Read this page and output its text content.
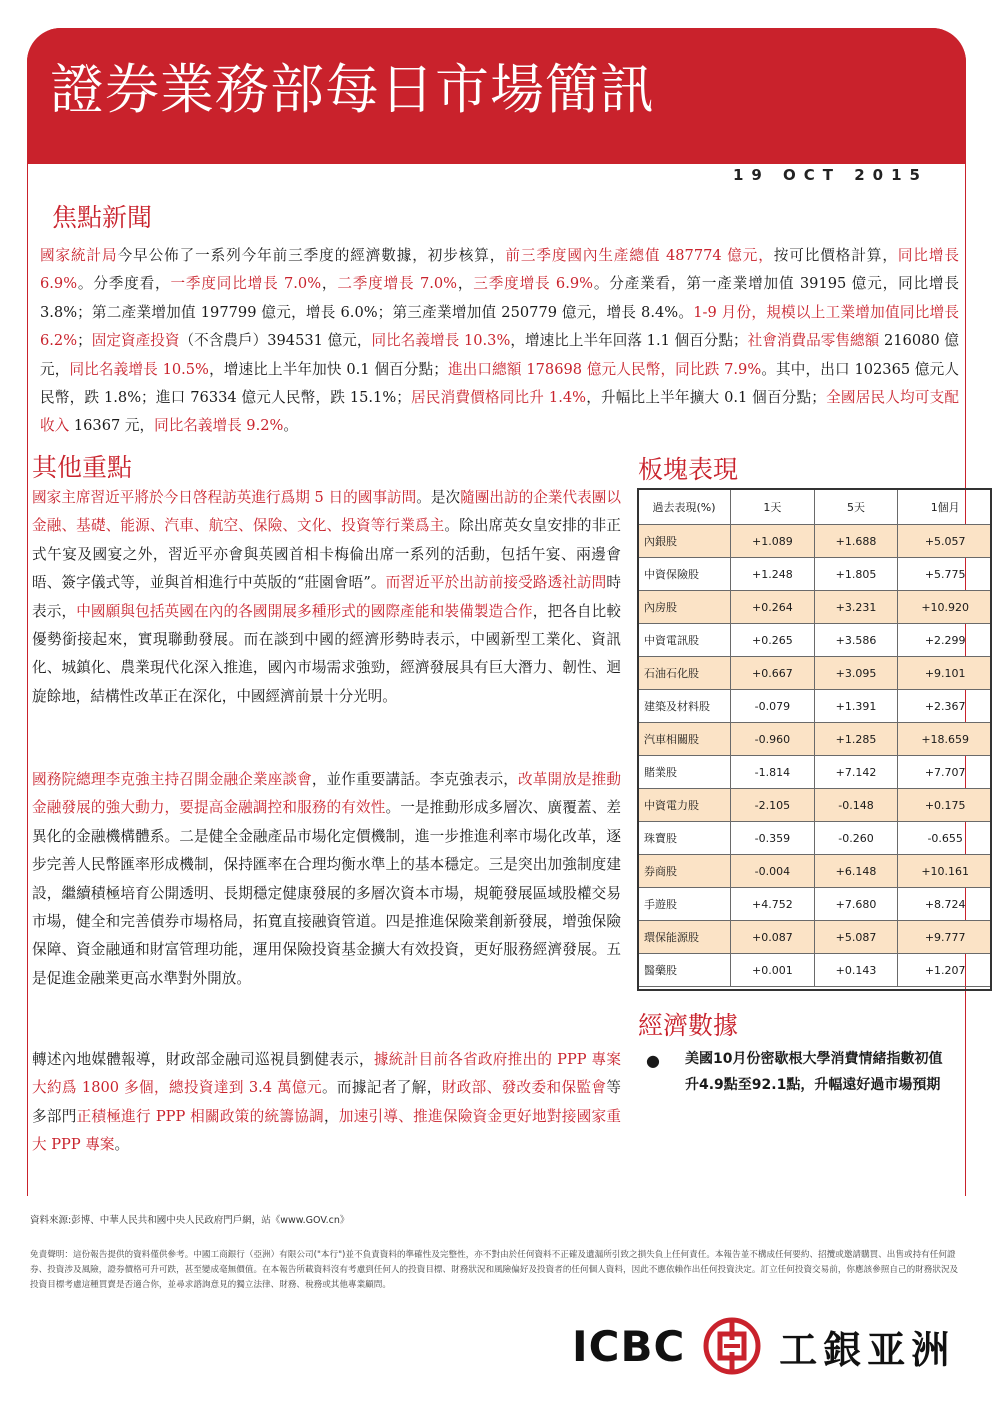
證券業務部每日市場簡訊
19 OCT 2015
焦點新聞
國家統計局今早公佈了一系列今年前三季度的經濟數據，初步核算，前三季度國內生產總值 487774 億元，按可比價格計算，同比增長 6.9%。分季度看，一季度同比增長 7.0%，二季度增長 7.0%，三季度增長 6.9%。分產業看，第一產業增加值 39195 億元，同比增長 3.8%；第二產業增加值 197799 億元，增長 6.0%；第三產業增加值 250779 億元，增長 8.4%。1-9 月份，規模以上工業增加值同比增長 6.2%；固定資產投資（不含農戶）394531 億元，同比名義增長 10.3%，增速比上半年回落 1.1 個百分點；社會消費品零售總額 216080 億元，同比名義增長 10.5%，增速比上半年加快 0.1 個百分點；進出口總額 178698 億元人民幣，同比跌 7.9%。其中，出口 102365 億元人民幣，跌 1.8%；進口 76334 億元人民幣，跌 15.1%；居民消費價格同比升 1.4%，升幅比上半年擴大 0.1 個百分點；全國居民人均可支配收入 16367 元，同比名義增長 9.2%。
其他重點
國家主席習近平將於今日啓程訪英進行爲期 5 日的國事訪問。是次隨團出訪的企業代表團以金融、基礎、能源、汽車、航空、保險、文化、投資等行業爲主。除出席英女皇安排的非正式午宴及國宴之外，習近平亦會與英國首相卡梅倫出席一系列的活動，包括午宴、兩邊會晤、簽字儀式等，並與首相進行中英版的“莊園會晤”。而習近平於出訪前接受路透社訪問時表示，中國願與包括英國在內的各國開展多種形式的國際產能和裝備製造合作，把各自比較優勢銜接起來，實現聯動發展。而在談到中國的經濟形勢時表示，中國新型工業化、資訊化、城鎮化、農業現代化深入推進，國內市場需求強勁，經濟發展具有巨大潛力、韌性、迴旋餘地，結構性改革正在深化，中國經濟前景十分光明。
國務院總理李克強主持召開金融企業座談會，並作重要講話。李克強表示，改革開放是推動金融發展的強大動力，要提高金融調控和服務的有效性。一是推動形成多層次、廣覆蓋、差異化的金融機構體系。二是健全金融產品市場化定價機制，進一步推進利率市場化改革，逐步完善人民幣匯率形成機制，保持匯率在合理均衡水準上的基本穩定。三是突出加強制度建設，繼續積極培育公開透明、長期穩定健康發展的多層次資本市場，規範發展區域股權交易市場，健全和完善債券市場格局，拓寬直接融資管道。四是推進保險業創新發展，增強保險保障、資金融通和財富管理功能，運用保險投資基金擴大有效投資，更好服務經濟發展。五是促進金融業更高水準對外開放。
轉述內地媒體報導，財政部金融司巡視員劉健表示，據統計目前各省政府推出的 PPP 專案大約爲 1800 多個，總投資達到 3.4 萬億元。而據記者了解，財政部、發改委和保監會等多部門正積極進行 PPP 相關政策的統籌協調，加速引導、推進保險資金更好地對接國家重大 PPP 專案。
板塊表現
過去表現(%)	1天	5天	1個月
內銀股	+1.089	+1.688	+5.057
中資保險股	+1.248	+1.805	+5.775
內房股	+0.264	+3.231	+10.920
中資電訊股	+0.265	+3.586	+2.299
石油石化股	+0.667	+3.095	+9.101
建築及材料股	-0.079	+1.391	+2.367
汽車相關股	-0.960	+1.285	+18.659
賭業股	-1.814	+7.142	+7.707
中資電力股	-2.105	-0.148	+0.175
珠寶股	-0.359	-0.260	-0.655
券商股	-0.004	+6.148	+10.161
手遊股	+4.752	+7.680	+8.724
環保能源股	+0.087	+5.087	+9.777
醫藥股	+0.001	+0.143	+1.207
經濟數據
● 美國10月份密歇根大學消費情緒指數初值升4.9點至92.1點，升幅遠好過市場預期
資料來源:彭博、中華人民共和國中央人民政府門戶網，站《www.GOV.cn》
免責聲明：這份報告提供的資料僅供參考。中國工商銀行（亞洲）有限公司("本行")並不負責資料的準確性及完整性，亦不對由於任何資料不正確及遺漏所引致之損失負上任何責任。本報告並不構成任何要約、招攬或邀請購買、出售或持有任何證券、投資涉及風險，證券價格可升可跌，甚至變成毫無價值。在本報告所載資料沒有考慮到任何人的投資目標、財務狀況和風險偏好及投資者的任何個人資料，因此不應依賴作出任何投資決定。訂立任何投資交易前，你應該參照自己的財務狀況及投資目標考慮這種買賣是否適合你，並尋求諮詢意見的獨立法律、財務、稅務或其他專業顧問。
ICBC 工銀亚洲
